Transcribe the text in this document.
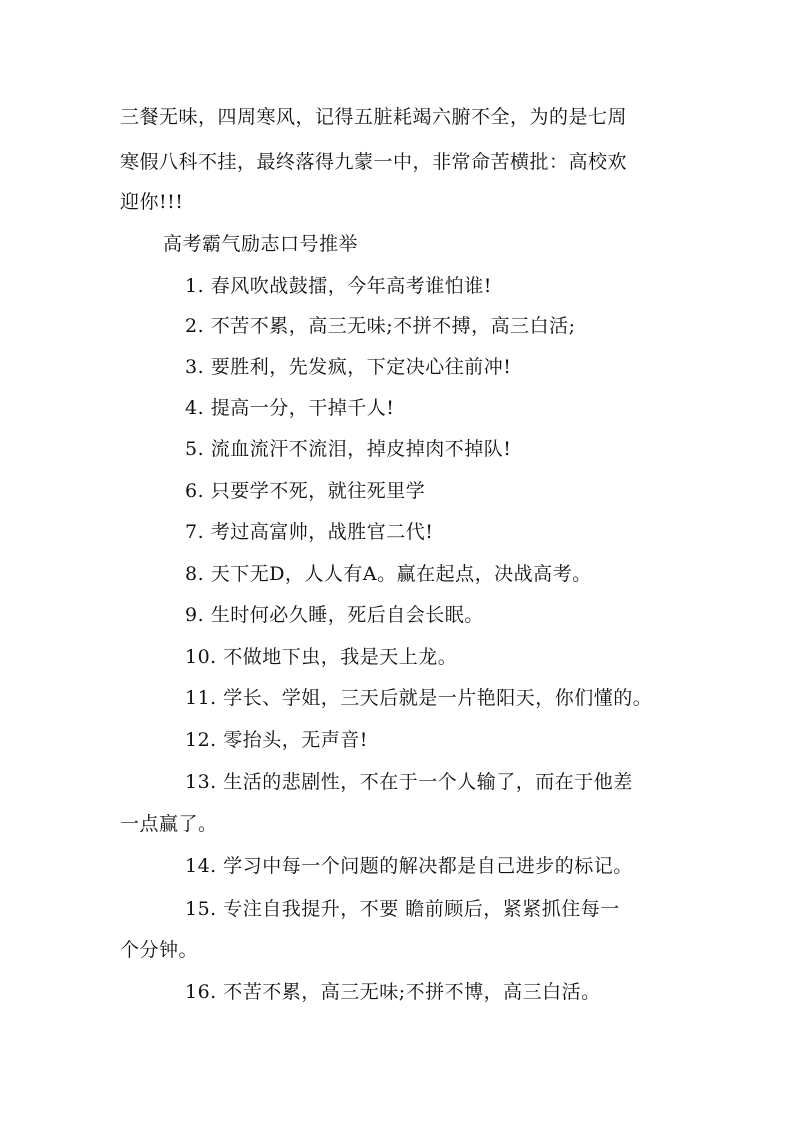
三餐无味，四周寒风，记得五脏耗竭六腑不全，为的是七周
寒假八科不挂，最终落得九蒙一中，非常命苦横批：高校欢
迎你!!!
高考霸气励志口号推举
1. 春风吹战鼓擂，今年高考谁怕谁!
2. 不苦不累，高三无味;不拼不搏，高三白活;
3. 要胜利，先发疯，下定决心往前冲!
4. 提高一分，干掉千人!
5. 流血流汗不流泪，掉皮掉肉不掉队!
6. 只要学不死，就往死里学
7. 考过高富帅，战胜官二代!
8. 天下无D，人人有A。赢在起点，决战高考。
9. 生时何必久睡，死后自会长眠。
10. 不做地下虫，我是天上龙。
11. 学长、学姐，三天后就是一片艳阳天，你们懂的。
12. 零抬头，无声音!
13. 生活的悲剧性，不在于一个人输了，而在于他差
一点赢了。
14. 学习中每一个问题的解决都是自己进步的标记。
15. 专注自我提升，不要 瞻前顾后，紧紧抓住每一
个分钟。
16. 不苦不累，高三无味;不拼不博，高三白活。
